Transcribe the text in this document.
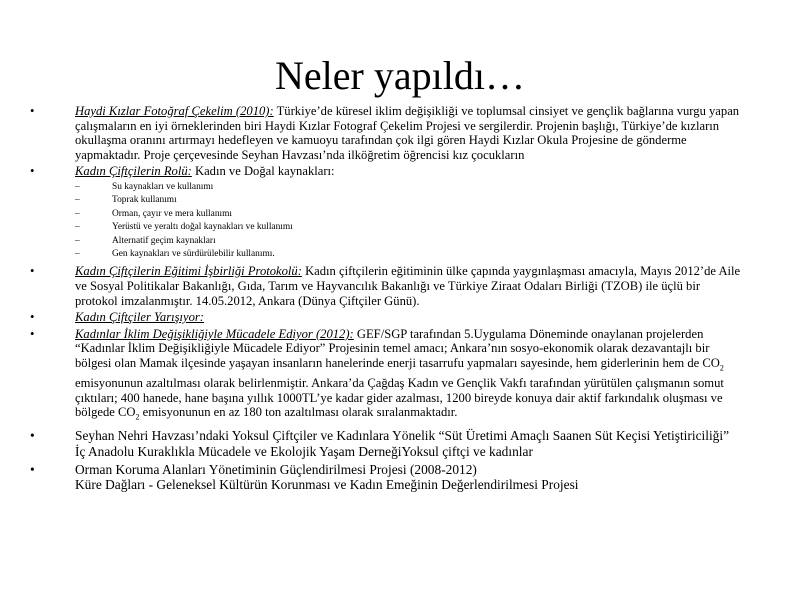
Neler yapıldı…
•	Haydi Kızlar Fotoğraf Çekelim (2010): Türkiye’de küresel iklim değişikliği ve toplumsal cinsiyet ve gençlik bağlarına vurgu yapan çalışmaların en iyi örneklerinden biri Haydi Kızlar Fotograf Çekelim Projesi ve sergilerdir. Projenin başlığı, Türkiye’de kızların okullaşma oranını artırmayı hedefleyen ve kamuoyu tarafından çok ilgi gören Haydi Kızlar Okula Projesine de gönderme yapmaktadır. Proje çerçevesinde Seyhan Havzası’nda ilköğretim öğrencisi kız çocukların
•	Kadın Çiftçilerin Rolü: Kadın ve Doğal kaynakları:
–	Su kaynakları ve kullanımı
–	Toprak kullanımı
–	Orman, çayır ve mera kullanımı
–	Yerüstü ve yeraltı doğal kaynakları ve kullanımı
–	Alternatif geçim kaynakları
–	Gen kaynakları ve sürdürülebilir kullanımı.
•	Kadın Çiftçilerin Eğitimi İşbirliği Protokolü: Kadın çiftçilerin eğitiminin ülke çapında yaygınlaşması amacıyla, Mayıs 2012’de Aile ve Sosyal Politikalar Bakanlığı, Gıda, Tarım ve Hayvancılık Bakanlığı ve Türkiye Ziraat Odaları Birliği (TZOB) ile üçlü bir protokol imzalanmıştır. 14.05.2012, Ankara (Dünya Çiftçiler Günü).
•	Kadın Çiftçiler Yarışıyor:
•	Kadınlar İklim Değişikliğiyle Mücadele Ediyor (2012): GEF/SGP tarafından 5.Uygulama Döneminde onaylanan projelerden “Kadınlar İklim Değişikliğiyle Mücadele Ediyor” Projesinin temel amacı; Ankara’nın sosyo-ekonomik olarak dezavantajlı bir bölgesi olan Mamak ilçesinde yaşayan insanların hanelerinde enerji tasarrufu yapmaları sayesinde, hem giderlerinin hem de $CO_2$ emisyonunun azaltılması olarak belirlenmiştir. Ankara’da Çağdaş Kadın ve Gençlik Vakfı tarafından yürütülen çalışmanın somut çıktıları; 400 hanede, hane başına yıllık 1000TL’ye kadar gider azalması, 1200 bireyde konuya dair aktif farkındalık oluşması ve bölgede $CO_2$ emisyonunun en az 180 ton azaltılması olarak sıralanmaktadır.
•	Seyhan Nehri Havzası’ndaki Yoksul Çiftçiler ve Kadınlara Yönelik “Süt Üretimi Amaçlı Saanen Süt Keçisi Yetiştiriciliği” İç Anadolu Kuraklıkla Mücadele ve Ekolojik Yaşam DerneğiYoksul çiftçi ve kadınlar
•	Orman Koruma Alanları Yönetiminin Güçlendirilmesi Projesi (2008-2012)
Küre Dağları - Geleneksel Kültürün Korunması ve Kadın Emeğinin Değerlendirilmesi Projesi
